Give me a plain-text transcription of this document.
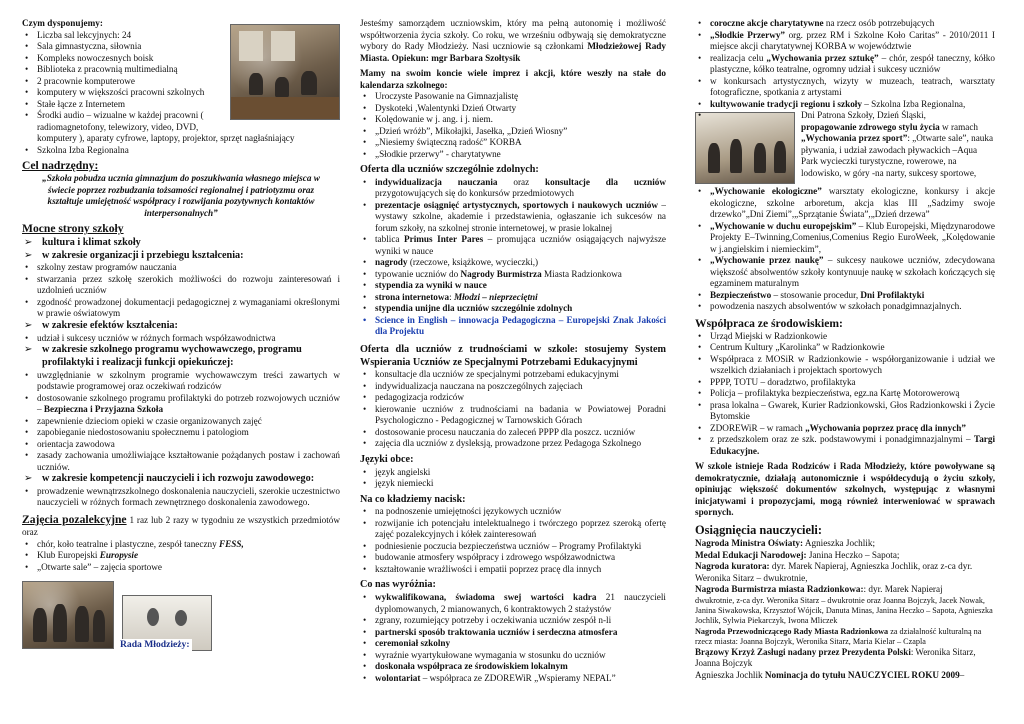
Czym dysponujemy:

• Liczba sal lekcyjnych: 24
• Sala gimnastyczna, siłownia
• Kompleks nowoczesnych boisk
• Biblioteka z pracownią multimedialną
• 2 pracownie komputerowe
• komputery w większości pracowni szkolnych
• Stałe łącze z Internetem
• Środki audio – wizualne w każdej pracowni ( radiomagnetofony, telewizory, video, DVD, komputery ), aparaty cyfrowe, laptopy, projektor, sprzęt nagłaśniający
• Szkolna Izba Regionalna

Cel nadrzędny:

„Szkoła pobudza ucznia gimnazjum do poszukiwania własnego miejsca w świecie poprzez rozbudzania tożsamości regionalnej i patriotyzmu oraz kształtuje umiejętność współpracy i rozwijania pozytywnych kontaktów interpersonalnych”

Mocne strony szkoły

➢ kultura i klimat szkoły
➢ w zakresie organizacji i przebiegu kształcenia:
• szkolny zestaw programów nauczania
• stwarzania przez szkołę szerokich możliwości do rozwoju zainteresowań i uzdolnień uczniów
• zgodność prowadzonej dokumentacji pedagogicznej z wymaganiami określonymi w prawie oświatowym
➢ w zakresie efektów kształcenia:
• udział i sukcesy uczniów w różnych formach współzawodnictwa
➢ w zakresie szkolnego programu wychowawczego, programu profilaktyki i realizacji funkcji opiekuńczej:
• uwzględnianie w szkolnym programie wychowawczym treści zawartych w podstawie programowej oraz oczekiwań rodziców
• dostosowanie szkolnego programu profilaktyki do potrzeb rozwojowych uczniów – Bezpieczna i Przyjazna Szkoła
• zapewnienie dzieciom opieki w czasie organizowanych zajęć
• zapobieganie niedostosowaniu społecznemu i patologiom
• orientacja zawodowa
• zasady zachowania umożliwiające kształtowanie pożądanych postaw i zachowań uczniów.
➢ w zakresie kompetencji nauczycieli i ich rozwoju zawodowego:
• prowadzenie wewnątrzszkolnego doskonalenia nauczycieli, szerokie uczestnictwo nauczycieli w różnych formach zewnętrznego doskonalenia zawodowego.

Zajęcia pozalekcyjne 1 raz lub 2 razy w tygodniu ze wszystkich przedmiotów oraz

• chór, koło teatralne i plastyczne, zespół taneczny FESS,
• Klub Europejski Europysie
• „Otwarte sale” – zajęcia sportowe
Rada Młodzieży:

Jesteśmy samorządem uczniowskim, który ma pełną autonomię i możliwość współtworzenia życia szkoły. Co roku, we wrześniu odbywają się demokratyczne wybory do Rady Młodzieży. Nasi uczniowie są członkami Młodzieżowej Rady Miasta. Opiekun: mgr Barbara Szołtysik

Mamy na swoim koncie wiele imprez i akcji, które weszły na stałe do kalendarza szkolnego:

• Uroczyste Pasowanie na Gimnazjalistę
• Dyskoteki ,Walentynki Dzień Otwarty
• Kolędowanie w j. ang. i j. niem.
• „Dzień wróżb”, Mikołajki, Jasełka, „Dzień Wiosny”
• „Niesiemy świąteczną radość” KORBA
• „Słodkie przerwy” - charytatywne

Oferta dla uczniów szczególnie zdolnych:

• indywidualizacja nauczania oraz konsultacje dla uczniów przygotowujących się do konkursów przedmiotowych
• prezentacje osiągnięć artystycznych, sportowych i naukowych uczniów – wystawy szkolne, akademie i przedstawienia, ogłaszanie ich sukcesów na forum szkoły, na szkolnej stronie internetowej, w prasie lokalnej
• tablica Primus Inter Pares – promująca uczniów osiągających najwyższe wyniki w nauce
• nagrody (rzeczowe, książkowe, wycieczki,)
• typowanie uczniów do Nagrody Burmistrza Miasta Radzionkowa
• stypendia za wyniki w nauce
• strona internetowa: Młodzi – nieprzeciętni
• stypendia unijne dla uczniów szczególnie zdolnych
• Science in English – innowacja Pedagogiczna – Europejski Znak Jakości dla Projektu

Oferta dla uczniów z trudnościami w szkole: stosujemy System Wspierania Uczniów ze Specjalnymi Potrzebami Edukacyjnymi

• konsultacje dla uczniów ze specjalnymi potrzebami edukacyjnymi
• indywidualizacja nauczana na poszczególnych zajęciach
• pedagogizacja rodziców
• kierowanie uczniów z trudnościami na badania w Powiatowej Poradni Psychologiczno - Pedagogicznej w Tarnowskich Górach
• dostosowanie procesu nauczania do zaleceń PPPP dla poszcz. uczniów
• zajęcia dla uczniów z dysleksją, prowadzone przez Pedagoga Szkolnego

Języki obce:

• język angielski
• język niemiecki

Na co kładziemy nacisk:

• na podnoszenie umiejętności językowych uczniów
• rozwijanie ich potencjału intelektualnego i twórczego poprzez szeroką ofertę zajęć pozalekcyjnych i kółek zainteresowań
• podniesienie poczucia bezpieczeństwa uczniów – Programy Profilaktyki
• budowanie atmosfery współpracy i zdrowego współzawodnictwa
• kształtowanie wrażliwości i empatii poprzez pracę dla innych

Co nas wyróżnia:

• wykwalifikowana, świadoma swej wartości kadra 21 nauczycieli dyplomowanych, 2 mianowanych, 6 kontraktowych 2 stażystów
• zgrany, rozumiejący potrzeby i oczekiwania uczniów zespół n-li
• partnerski sposób traktowania uczniów i serdeczna atmosfera
• ceremoniał szkolny
• wyraźnie wyartykułowane wymagania w stosunku do uczniów
• doskonała współpraca ze środowiskiem lokalnym
• wolontariat – współpraca ze ZDOREWiR „Wspieramy NEPAL”
• coroczne akcje charytatywne na rzecz osób potrzebujących
• „Słodkie Przerwy” org. przez RM i Szkolne Koło Caritas” - 2010/2011 I miejsce akcji charytatywnej KORBA w województwie
• realizacja celu „Wychowania przez sztukę” – chór, zespół taneczny, kółko plastyczne, kółko teatralne, ogromny udział i sukcesy uczniów
• w konkursach artystycznych, wizyty w muzeach, teatrach, warsztaty fotograficzne, spotkania z artystami
• kultywowanie tradycji regionu i szkoły – Szkolna Izba Regionalna,
• Dni Patrona Szkoły, Dzień Śląski,

propagowanie zdrowego stylu życia w ramach „Wychowania przez sport”: „Otwarte sale”, nauka pływania, i udział zawodach pływackich –Aqua Park wycieczki turystyczne, rowerowe, na lodowisko, w góry -na narty, sukcesy sportowe,

• „Wychowanie ekologiczne” warsztaty ekologiczne, konkursy i akcje ekologiczne, szkolne arboretum, akcja klas III „Sadzimy swoje drzewko”„Dni Ziemi”,„Sprzątanie Świata”,„Dzień drzewa”
• „Wychowanie w duchu europejskim” – Klub Europejski, Międzynarodowe Projekty E–Twinning,Comenius,Comenius Regio EuroWeek, „Kolędowanie w j.angielskim i niemieckim”,
• „Wychowanie przez naukę” – sukcesy naukowe uczniów, zdecydowana większość absolwentów szkoły kontynuuje naukę w szkołach kończących się egzaminem maturalnym
• Bezpieczeństwo – stosowanie procedur, Dni Profilaktyki
• powodzenia naszych absolwentów w szkołach ponadgimnazjalnych.

Współpraca ze środowiskiem:

• Urząd Miejski w Radzionkowie
• Centrum Kultury „Karolinka” w Radzionkowie
• Współpraca z MOSiR w Radzionkowie - współorganizowanie i udział we wszelkich działaniach i projektach sportowych
• PPPP, TOTU – doradztwo, profilaktyka
• Policja – profilaktyka bezpieczeństwa, egz.na Kartę Motorowerową
• prasa lokalna – Gwarek, Kurier Radzionkowski, Głos Radzionkowski i Życie Bytomskie
• ZDOREWiR – w ramach „Wychowania poprzez pracę dla innych”
• z przedszkolem oraz ze szk. podstawowymi i ponadgimnazjalnymi – Targi Edukacyjne.

W szkole istnieje Rada Rodziców i Rada Młodzieży, które powoływane są demokratycznie, działają autonomicznie i współdecydują o życiu szkoły, opiniując większość dokumentów szkolnych, występując z własnymi inicjatywami i propozycjami, mogą również interweniować w sprawach spornych.

Osiągnięcia nauczycieli:

Nagroda Ministra Oświaty: Agnieszka Jochlik;

Medal Edukacji Narodowej: Janina Heczko – Sapota;

Nagroda kuratora: dyr. Marek Napieraj, Agnieszka Jochlik, oraz z-ca dyr. Weronika Sitarz – dwukrotnie,

Nagroda Burmistrza miasta Radzionkowa:: dyr. Marek Napieraj

dwukrotnie, z-ca dyr. Weronika Sitarz – dwukrotnie oraz Joanna Bojczyk, Jacek Nowak, Janina Siwakowska, Krzysztof Wójcik, Danuta Minas, Janina Heczko – Sapota, Agnieszka Jochlik, Sylwia Piekarczyk, Iwona Mliczek

Nagroda Przewodniczącego Rady Miasta Radzionkowa za działalność kulturalną na rzecz miasta: Joanna Bojczyk, Weronika Sitarz, Maria Kielar – Czapla

Brązowy Krzyż Zasługi nadany przez Prezydenta Polski: Weronika Sitarz, Joanna Bojczyk

Agnieszka Jochlik Nominacja do tytułu NAUCZYCIEL ROKU 2009–
